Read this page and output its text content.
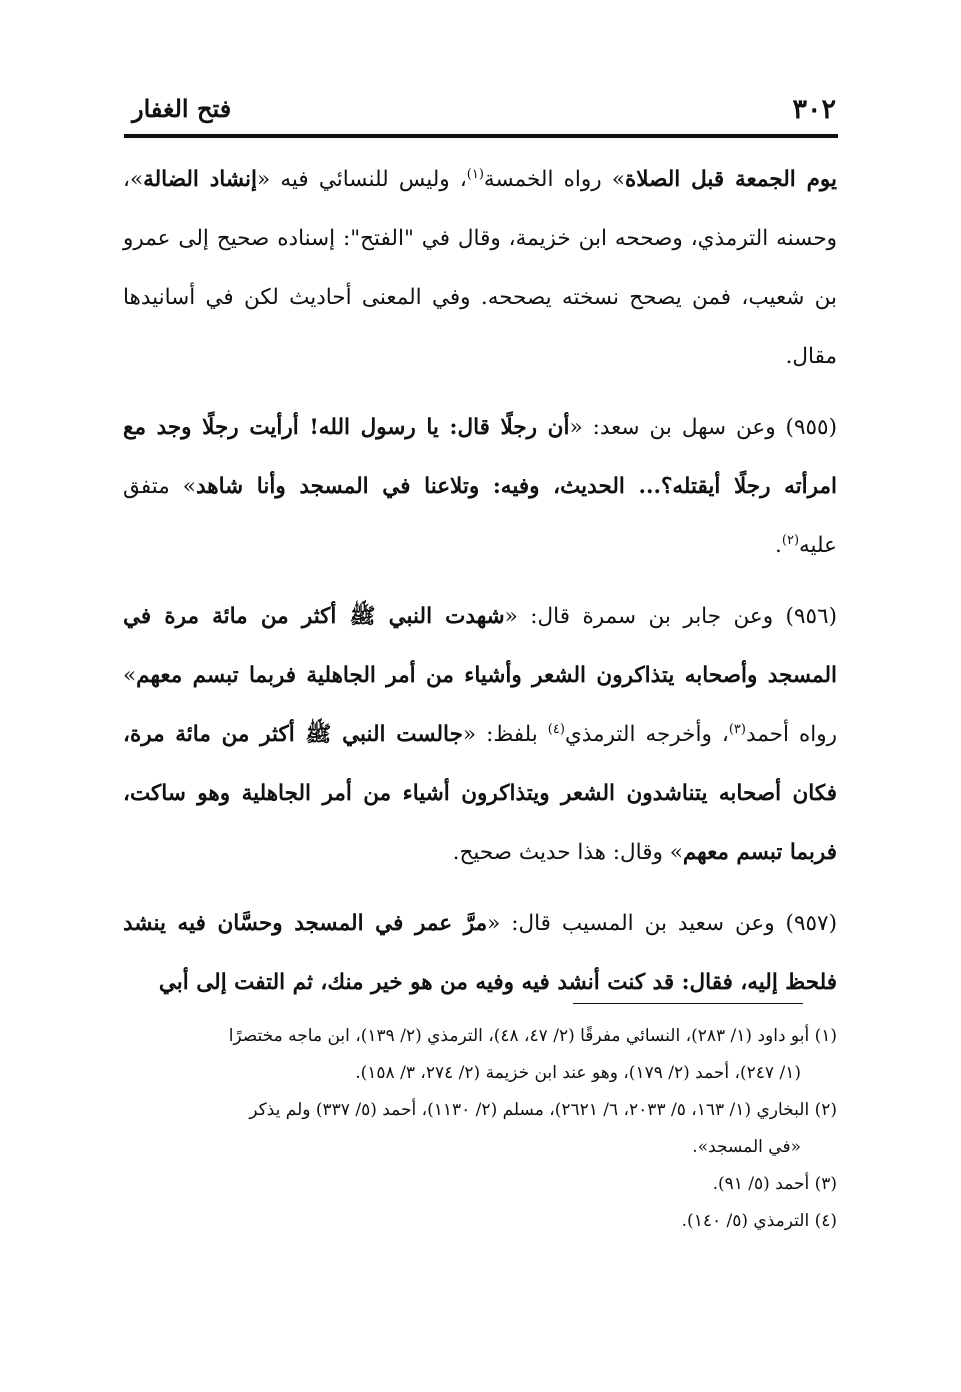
٣٠٢
فتح الغفار

يوم الجمعة قبل الصلاة» رواه الخمسة$^{(١)}$، وليس للنسائي فيه «إنشاد الضالة»، وحسنه الترمذي، وصححه ابن خزيمة، وقال في "الفتح": إسناده صحيح إلى عمرو بن شعيب، فمن يصحح نسخته يصححه. وفي المعنى أحاديث لكن في أسانيدها مقال.

(٩٥٥) وعن سهل بن سعد: «أن رجلًا قال: يا رسول الله! أرأيت رجلًا وجد مع امرأته رجلًا أيقتله؟... الحديث، وفيه: وتلاعنا في المسجد وأنا شاهد» متفق عليه$^{(٢)}$.

(٩٥٦) وعن جابر بن سمرة قال: «شهدت النبي ﷺ أكثر من مائة مرة في المسجد وأصحابه يتذاكرون الشعر وأشياء من أمر الجاهلية فربما تبسم معهم» رواه أحمد$^{(٣)}$، وأخرجه الترمذي$^{(٤)}$ بلفظ: «جالست النبي ﷺ أكثر من مائة مرة، فكان أصحابه يتناشدون الشعر ويتذاكرون أشياء من أمر الجاهلية وهو ساكت، فربما تبسم معهم» وقال: هذا حديث صحيح.

(٩٥٧) وعن سعيد بن المسيب قال: «مرَّ عمر في المسجد وحسَّان فيه ينشد فلحظ إليه، فقال: قد كنت أنشد فيه وفيه من هو خير منك، ثم التفت إلى أبي

(١) أبو داود (١/ ٢٨٣)، النسائي مفرقًا (٢/ ٤٧، ٤٨)، الترمذي (٢/ ١٣٩)، ابن ماجه مختصرًا

(١/ ٢٤٧)، أحمد (٢/ ١٧٩)، وهو عند ابن خزيمة (٢/ ٢٧٤، ٣/ ١٥٨).

(٢) البخاري (١/ ١٦٣، ٥/ ٢٠٣٣، ٦/ ٢٦٢١)، مسلم (٢/ ١١٣٠)، أحمد (٥/ ٣٣٧) ولم يذكر

«في المسجد».

(٣) أحمد (٥/ ٩١).

(٤) الترمذي (٥/ ١٤٠).
